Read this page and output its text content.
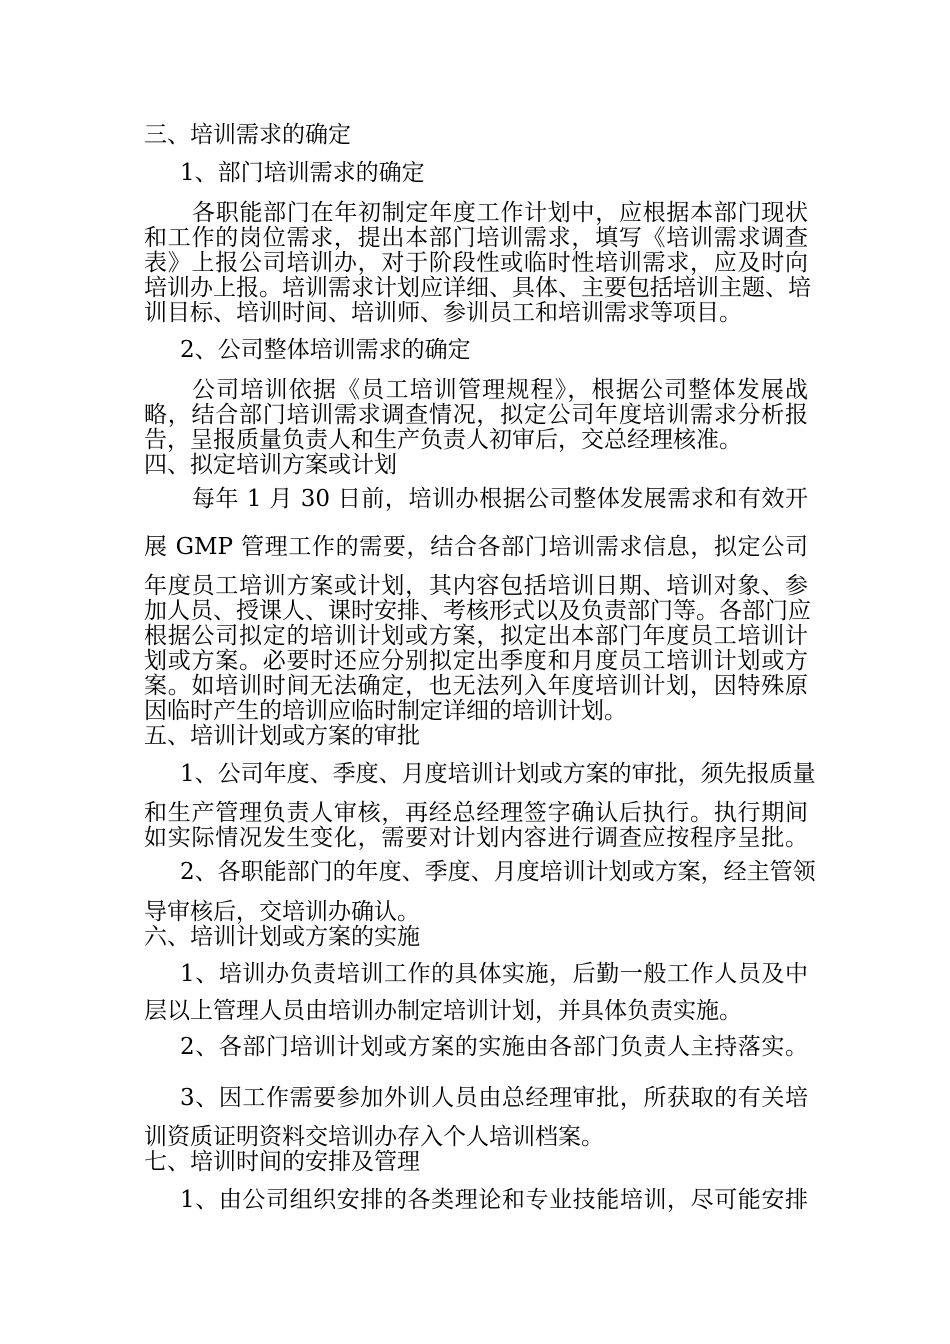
三、培训需求的确定
1、部门培训需求的确定
各职能部门在年初制定年度工作计划中，应根据本部门现状
和工作的岗位需求，提出本部门培训需求，填写《培训需求调查
表》上报公司培训办，对于阶段性或临时性培训需求，应及时向
培训办上报。培训需求计划应详细、具体、主要包括培训主题、培
训目标、培训时间、培训师、参训员工和培训需求等项目。
2、公司整体培训需求的确定
公司培训依据《员工培训管理规程》，根据公司整体发展战
略，结合部门培训需求调查情况，拟定公司年度培训需求分析报
告，呈报质量负责人和生产负责人初审后，交总经理核准。
四、拟定培训方案或计划
每年 1 月 30 日前，培训办根据公司整体发展需求和有效开
展 GMP 管理工作的需要，结合各部门培训需求信息，拟定公司
年度员工培训方案或计划，其内容包括培训日期、培训对象、参
加人员、授课人、课时安排、考核形式以及负责部门等。各部门应
根据公司拟定的培训计划或方案，拟定出本部门年度员工培训计
划或方案。必要时还应分别拟定出季度和月度员工培训计划或方
案。如培训时间无法确定，也无法列入年度培训计划，因特殊原
因临时产生的培训应临时制定详细的培训计划。
五、培训计划或方案的审批
1、公司年度、季度、月度培训计划或方案的审批，须先报质量
和生产管理负责人审核，再经总经理签字确认后执行。执行期间
如实际情况发生变化，需要对计划内容进行调查应按程序呈批。
2、各职能部门的年度、季度、月度培训计划或方案，经主管领
导审核后，交培训办确认。
六、培训计划或方案的实施
1、培训办负责培训工作的具体实施，后勤一般工作人员及中
层以上管理人员由培训办制定培训计划，并具体负责实施。
2、各部门培训计划或方案的实施由各部门负责人主持落实。
3、因工作需要参加外训人员由总经理审批，所获取的有关培
训资质证明资料交培训办存入个人培训档案。
七、培训时间的安排及管理
1、由公司组织安排的各类理论和专业技能培训，尽可能安排
